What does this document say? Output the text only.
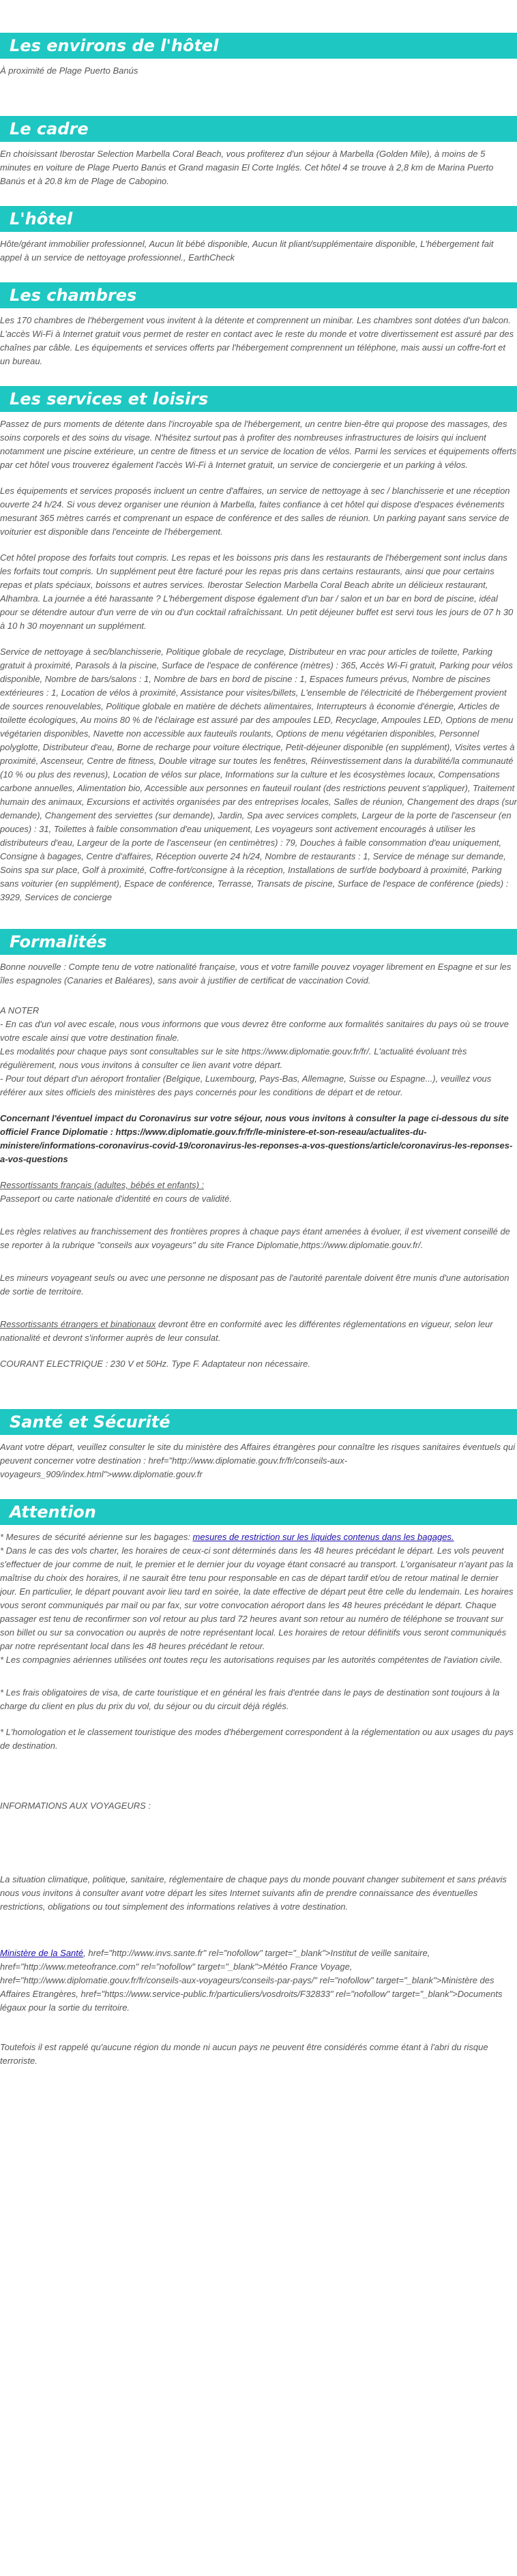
Les environs de l'hôtel

À proximité de Plage Puerto Banús

Le cadre

En choisissant Iberostar Selection Marbella Coral Beach, vous profiterez d'un séjour à Marbella (Golden Mile), à moins de 5 minutes en voiture de Plage Puerto Banús et Grand magasin El Corte Inglés. Cet hôtel 4 se trouve à 2,8 km de Marina Puerto Banús et à 20.8 km de Plage de Cabopino.

L'hôtel

Hôte/gérant immobilier professionnel, Aucun lit bébé disponible, Aucun lit pliant/supplémentaire disponible, L'hébergement fait appel à un service de nettoyage professionnel., EarthCheck

Les chambres

Les 170 chambres de l'hébergement vous invitent à la détente et comprennent un minibar. Les chambres sont dotées d'un balcon. L'accès Wi-Fi à Internet gratuit vous permet de rester en contact avec le reste du monde et votre divertissement est assuré par des chaînes par câble. Les équipements et services offerts par l'hébergement comprennent un téléphone, mais aussi un coffre-fort et un bureau.

Les services et loisirs

Passez de purs moments de détente dans l'incroyable spa de l'hébergement, un centre bien-être qui propose des massages, des soins corporels et des soins du visage. N'hésitez surtout pas à profiter des nombreuses infrastructures de loisirs qui incluent notamment une piscine extérieure, un centre de fitness et un service de location de vélos. Parmi les services et équipements offerts par cet hôtel vous trouverez également l'accès Wi-Fi à Internet gratuit, un service de conciergerie et un parking à vélos.

Les équipements et services proposés incluent un centre d'affaires, un service de nettoyage à sec / blanchisserie et une réception ouverte 24 h/24. Si vous devez organiser une réunion à Marbella, faites confiance à cet hôtel qui dispose d'espaces événements mesurant 365 mètres carrés et comprenant un espace de conférence et des salles de réunion. Un parking payant sans service de voiturier est disponible dans l'enceinte de l'hébergement.

Cet hôtel propose des forfaits tout compris. Les repas et les boissons pris dans les restaurants de l'hébergement sont inclus dans les forfaits tout compris. Un supplément peut être facturé pour les repas pris dans certains restaurants, ainsi que pour certains repas et plats spéciaux, boissons et autres services. Iberostar Selection Marbella Coral Beach abrite un délicieux restaurant, Alhambra. La journée a été harassante ? L'hébergement dispose également d'un bar / salon et un bar en bord de piscine, idéal pour se détendre autour d'un verre de vin ou d'un cocktail rafraîchissant. Un petit déjeuner buffet est servi tous les jours de 07 h 30 à 10 h 30 moyennant un supplément.

Service de nettoyage à sec/blanchisserie, Politique globale de recyclage, Distributeur en vrac pour articles de toilette, Parking gratuit à proximité, Parasols à la piscine, Surface de l'espace de conférence (mètres) : 365, Accès Wi-Fi gratuit, Parking pour vélos disponible, Nombre de bars/salons : 1, Nombre de bars en bord de piscine : 1, Espaces fumeurs prévus, Nombre de piscines extérieures : 1, Location de vélos à proximité, Assistance pour visites/billets, L'ensemble de l'électricité de l'hébergement provient de sources renouvelables, Politique globale en matière de déchets alimentaires, Interrupteurs à économie d'énergie, Articles de toilette écologiques, Au moins 80 % de l'éclairage est assuré par des ampoules LED, Recyclage, Ampoules LED, Options de menu végétarien disponibles, Navette non accessible aux fauteuils roulants, Options de menu végétarien disponibles, Personnel polyglotte, Distributeur d'eau, Borne de recharge pour voiture électrique, Petit-déjeuner disponible (en supplément), Visites vertes à proximité, Ascenseur, Centre de fitness, Double vitrage sur toutes les fenêtres, Réinvestissement dans la durabilité/la communauté (10 % ou plus des revenus), Location de vélos sur place, Informations sur la culture et les écosystèmes locaux, Compensations carbone annuelles, Alimentation bio, Accessible aux personnes en fauteuil roulant (des restrictions peuvent s'appliquer), Traitement humain des animaux, Excursions et activités organisées par des entreprises locales, Salles de réunion, Changement des draps (sur demande), Changement des serviettes (sur demande), Jardin, Spa avec services complets, Largeur de la porte de l'ascenseur (en pouces) : 31, Toilettes à faible consommation d'eau uniquement, Les voyageurs sont activement encouragés à utiliser les distributeurs d'eau, Largeur de la porte de l'ascenseur (en centimètres) : 79, Douches à faible consommation d'eau uniquement, Consigne à bagages, Centre d'affaires, Réception ouverte 24 h/24, Nombre de restaurants : 1, Service de ménage sur demande, Soins spa sur place, Golf à proximité, Coffre-fort/consigne à la réception, Installations de surf/de bodyboard à proximité, Parking sans voiturier (en supplément), Espace de conférence, Terrasse, Transats de piscine, Surface de l'espace de conférence (pieds) : 3929, Services de concierge

Formalités

Bonne nouvelle : Compte tenu de votre nationalité française, vous et votre famille pouvez voyager librement en Espagne et sur les îles espagnoles (Canaries et Baléares), sans avoir à justifier de certificat de vaccination Covid.

A NOTER

- En cas d'un vol avec escale, nous vous informons que vous devrez être conforme aux formalités sanitaires du pays où se trouve votre escale ainsi que votre destination finale.

Les modalités pour chaque pays sont consultables sur le site https://www.diplomatie.gouv.fr/fr/. L'actualité évoluant très régulièrement, nous vous invitons à consulter ce lien avant votre départ.

- Pour tout départ d'un aéroport frontalier (Belgique, Luxembourg, Pays-Bas, Allemagne, Suisse ou Espagne...), veuillez vous référer aux sites officiels des ministères des pays concernés pour les conditions de départ et de retour.

Concernant l'éventuel impact du Coronavirus sur votre séjour, nous vous invitons à consulter la page ci-dessous du site officiel France Diplomatie : https://www.diplomatie.gouv.fr/fr/le-ministere-et-son-reseau/actualites-du-ministere/informations-coronavirus-covid-19/coronavirus-les-reponses-a-vos-questions/article/coronavirus-les-reponses-a-vos-questions

Ressortissants français (adultes, bébés et enfants) :

Passeport ou carte nationale d'identité en cours de validité.

Les règles relatives au franchissement des frontières propres à chaque pays étant amenées à évoluer, il est vivement conseillé de se reporter à la rubrique "conseils aux voyageurs" du site France Diplomatie,https://www.diplomatie.gouv.fr/.

Les mineurs voyageant seuls ou avec une personne ne disposant pas de l'autorité parentale doivent être munis d'une autorisation de sortie de territoire.

Ressortissants étrangers et binationaux devront être en conformité avec les différentes réglementations en vigueur, selon leur nationalité et devront s'informer auprès de leur consulat.

COURANT ELECTRIQUE : 230 V et 50Hz. Type F. Adaptateur non nécessaire.

Santé et Sécurité

Avant votre départ, veuillez consulter le site du ministère des Affaires étrangères pour connaître les risques sanitaires éventuels qui peuvent concerner votre destination : href="http://www.diplomatie.gouv.fr/fr/conseils-aux-voyageurs_909/index.html">www.diplomatie.gouv.fr

Attention

* Mesures de sécurité aérienne sur les bagages: mesures de restriction sur les liquides contenus dans les bagages.

* Dans le cas des vols charter, les horaires de ceux-ci sont déterminés dans les 48 heures précédant le départ. Les vols peuvent s'effectuer de jour comme de nuit, le premier et le dernier jour du voyage étant consacré au transport. L'organisateur n'ayant pas la maîtrise du choix des horaires, il ne saurait être tenu pour responsable en cas de départ tardif et/ou de retour matinal le dernier jour. En particulier, le départ pouvant avoir lieu tard en soirée, la date effective de départ peut être celle du lendemain. Les horaires vous seront communiqués par mail ou par fax, sur votre convocation aéroport dans les 48 heures précédant le départ. Chaque passager est tenu de reconfirmer son vol retour au plus tard 72 heures avant son retour au numéro de téléphone se trouvant sur son billet ou sur sa convocation ou auprès de notre représentant local. Les horaires de retour définitifs vous seront communiqués par notre représentant local dans les 48 heures précédant le retour.

* Les compagnies aériennes utilisées ont toutes reçu les autorisations requises par les autorités compétentes de l'aviation civile.

* Les frais obligatoires de visa, de carte touristique et en général les frais d'entrée dans le pays de destination sont toujours à la charge du client en plus du prix du vol, du séjour ou du circuit déjà réglés.

* L'homologation et le classement touristique des modes d'hébergement correspondent à la réglementation ou aux usages du pays de destination.

INFORMATIONS AUX VOYAGEURS :

La situation climatique, politique, sanitaire, réglementaire de chaque pays du monde pouvant changer subitement et sans préavis nous vous invitons à consulter avant votre départ les sites Internet suivants afin de prendre connaissance des éventuelles restrictions, obligations ou tout simplement des informations relatives à votre destination.

Ministère de la Santé, href="http://www.invs.sante.fr" rel="nofollow" target="_blank">Institut de veille sanitaire, href="http://www.meteofrance.com" rel="nofollow" target="_blank">Météo France Voyage, href="http://www.diplomatie.gouv.fr/fr/conseils-aux-voyageurs/conseils-par-pays/" rel="nofollow" target="_blank">Ministère des Affaires Etrangères, href="https://www.service-public.fr/particuliers/vosdroits/F32833" rel="nofollow" target="_blank">Documents légaux pour la sortie du territoire.

Toutefois il est rappelé qu'aucune région du monde ni aucun pays ne peuvent être considérés comme étant à l'abri du risque terroriste.
